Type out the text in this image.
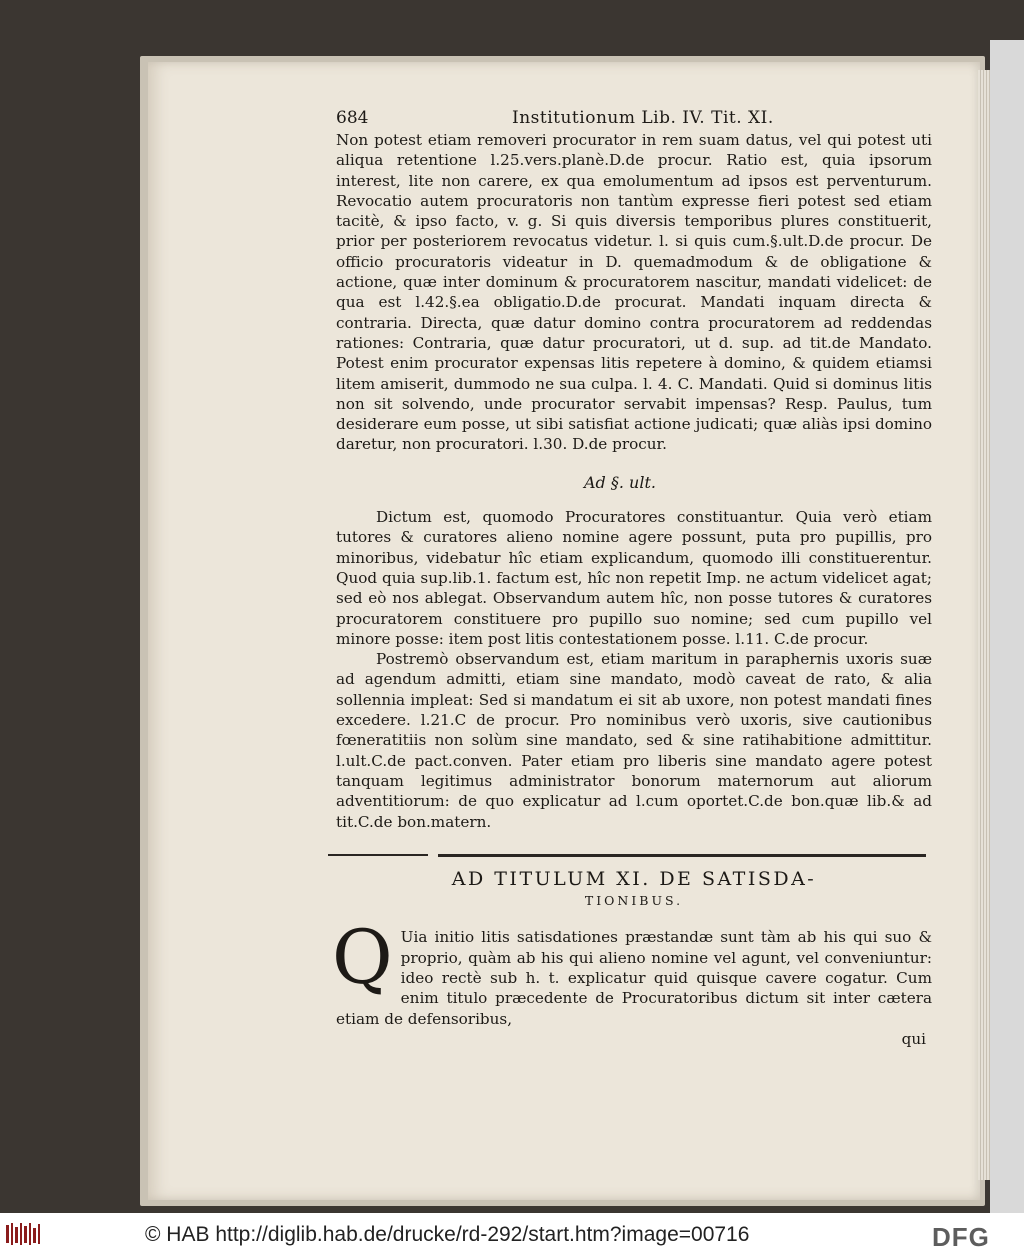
684	Institutionum Lib. IV. Tit. XI.

Non potest etiam removeri procurator in rem suam datus, vel qui potest uti aliqua retentione l.25.vers.planè.D.de procur. Ratio est, quia ipsorum interest, lite non carere, ex qua emolumentum ad ipsos est perventurum. Revocatio autem procuratoris non tantùm expresse fieri potest sed etiam tacitè, & ipso facto, v. g. Si quis diversis temporibus plures constituerit, prior per posteriorem revocatus videtur. l. si quis cum.§.ult.D.de procur. De officio procuratoris videatur in D. quemadmodum & de obligatione & actione, quæ inter dominum & procuratorem nascitur, mandati videlicet: de qua est l.42.§.ea obligatio.D.de procurat. Mandati inquam directa & contraria. Directa, quæ datur domino contra procuratorem ad reddendas rationes: Contraria, quæ datur procuratori, ut d. sup. ad tit.de Mandato. Potest enim procurator expensas litis repetere à domino, & quidem etiamsi litem amiserit, dummodo ne sua culpa. l. 4. C. Mandati. Quid si dominus litis non sit solvendo, unde procurator servabit impensas? Resp. Paulus, tum desiderare eum posse, ut sibi satisfiat actione judicati; quæ aliàs ipsi domino daretur, non procuratori. l.30. D.de procur.

Ad §. ult.

Dictum est, quomodo Procuratores constituantur. Quia verò etiam tutores & curatores alieno nomine agere possunt, puta pro pupillis, pro minoribus, videbatur hîc etiam explicandum, quomodo illi constituerentur. Quod quia sup.lib.1. factum est, hîc non repetit Imp. ne actum videlicet agat; sed eò nos ablegat. Observandum autem hîc, non posse tutores & curatores procuratorem constituere pro pupillo suo nomine; sed cum pupillo vel minore posse: item post litis contestationem posse. l.11. C.de procur.

Postremò observandum est, etiam maritum in paraphernis uxoris suæ ad agendum admitti, etiam sine mandato, modò caveat de rato, & alia sollennia impleat: Sed si mandatum ei sit ab uxore, non potest mandati fines excedere. l.21.C de procur. Pro nominibus verò uxoris, sive cautionibus fœneratitiis non solùm sine mandato, sed & sine ratihabitione admittitur. l.ult.C.de pact.conven. Pater etiam pro liberis sine mandato agere potest tanquam legitimus administrator bonorum maternorum aut aliorum adventitiorum: de quo explicatur ad l.cum oportet.C.de bon.quæ lib.& ad tit.C.de bon.matern.

AD TITULUM XI. DE SATISDA-
TIONIBUS.
Q Uia initio litis satisdationes præstandæ sunt tàm ab his qui suo & proprio, quàm ab his qui alieno nomine vel agunt, vel conveniuntur: ideo rectè sub h. t. explicatur quid quisque cavere cogatur. Cum enim titulo præcedente de Procuratoribus dictum sit inter cætera etiam de defensoribus,

qui
© HAB http://diglib.hab.de/drucke/rd-292/start.htm?image=00716	DFG
